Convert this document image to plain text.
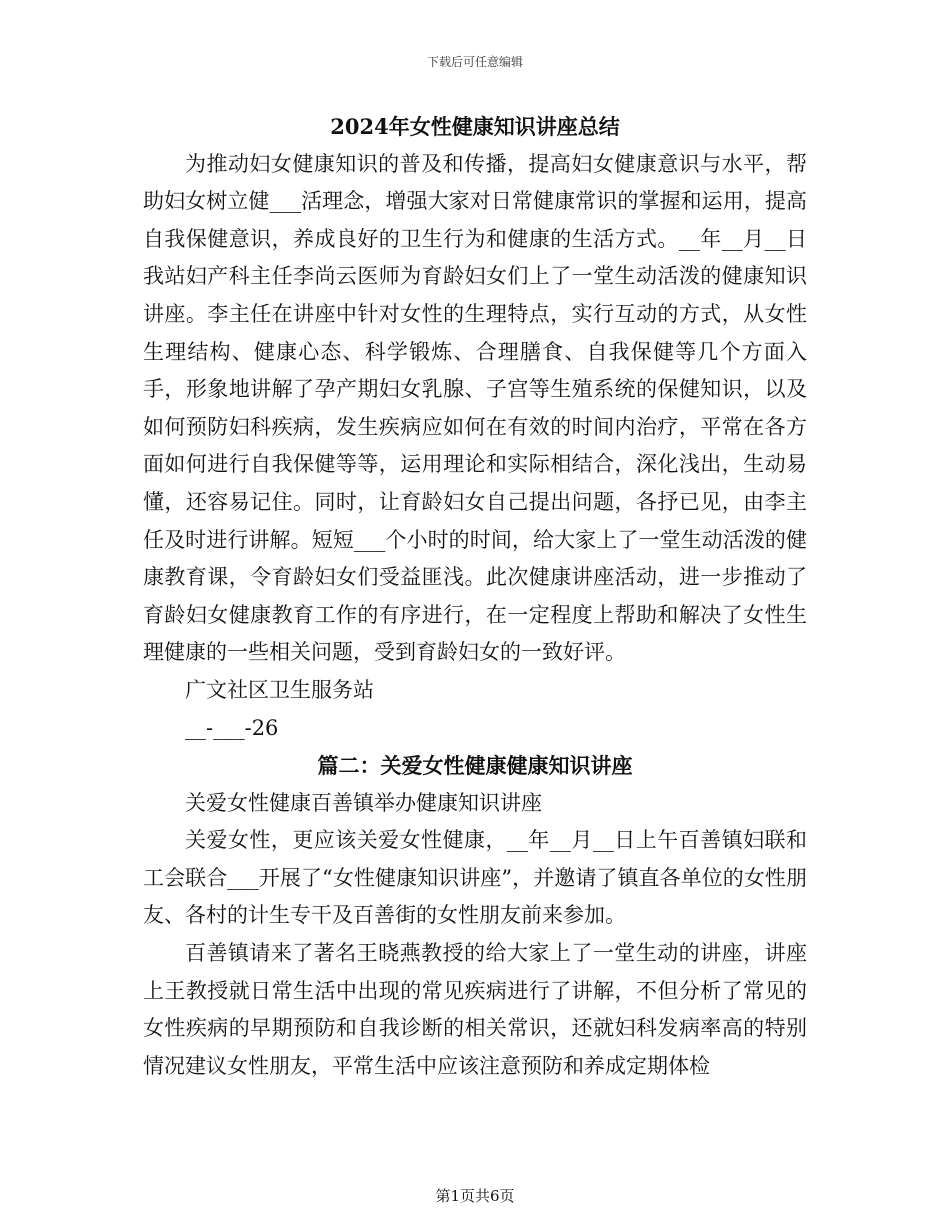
下载后可任意编辑

2024年女性健康知识讲座总结

为推动妇女健康知识的普及和传播，提高妇女健康意识与水平，帮助妇女树立健___活理念，增强大家对日常健康常识的掌握和运用，提高自我保健意识，养成良好的卫生行为和健康的生活方式。__年__月__日我站妇产科主任李尚云医师为育龄妇女们上了一堂生动活泼的健康知识讲座。李主任在讲座中针对女性的生理特点，实行互动的方式，从女性生理结构、健康心态、科学锻炼、合理膳食、自我保健等几个方面入手，形象地讲解了孕产期妇女乳腺、子宫等生殖系统的保健知识，以及如何预防妇科疾病，发生疾病应如何在有效的时间内治疗，平常在各方面如何进行自我保健等等，运用理论和实际相结合，深化浅出，生动易懂，还容易记住。同时，让育龄妇女自己提出问题，各抒已见，由李主任及时进行讲解。短短___个小时的时间，给大家上了一堂生动活泼的健康教育课，令育龄妇女们受益匪浅。此次健康讲座活动，进一步推动了育龄妇女健康教育工作的有序进行，在一定程度上帮助和解决了女性生理健康的一些相关问题，受到育龄妇女的一致好评。

广文社区卫生服务站

__-___-26

篇二：关爱女性健康健康知识讲座

关爱女性健康百善镇举办健康知识讲座

关爱女性，更应该关爱女性健康，__年__月__日上午百善镇妇联和工会联合___开展了“女性健康知识讲座”，并邀请了镇直各单位的女性朋友、各村的计生专干及百善街的女性朋友前来参加。

百善镇请来了著名王晓燕教授的给大家上了一堂生动的讲座，讲座上王教授就日常生活中出现的常见疾病进行了讲解，不但分析了常见的女性疾病的早期预防和自我诊断的相关常识，还就妇科发病率高的特别情况建议女性朋友，平常生活中应该注意预防和养成定期体检

第1页共6页
